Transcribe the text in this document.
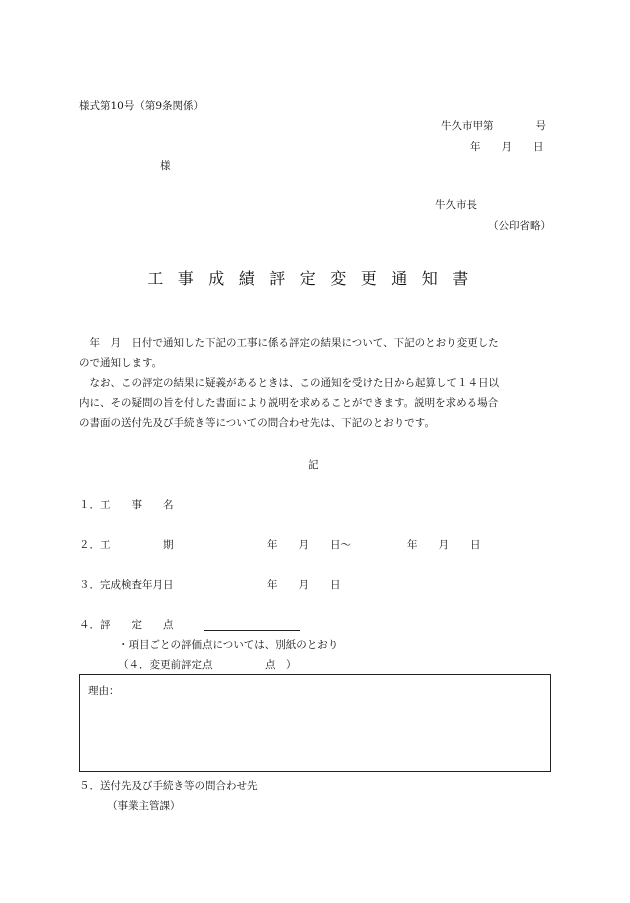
様式第10号（第9条関係）
牛久市甲第　　　　号
年　　月　　日
様
牛久市長
（公印省略）
工事成績評定変更通知書
　年　月　日付で通知した下記の工事に係る評定の結果について、下記のとおり変更した
ので通知します。
　なお、この評定の結果に疑義があるときは、この通知を受けた日から起算して１４日以
内に、その疑問の旨を付した書面により説明を求めることができます。説明を求める場合
の書面の送付先及び手続き等についての問合わせ先は、下記のとおりです。
記
１．工　　事　　名
２．工　　　　　期	年　　月　　日～	年　　月　　日
３．完成検査年月日	年　　月　　日
４．評　　定　　点
・項目ごとの評価点については、別紙のとおり
（４．変更前評定点　　　　　点　）
理由：
５．送付先及び手続き等の問合わせ先
（事業主管課）
